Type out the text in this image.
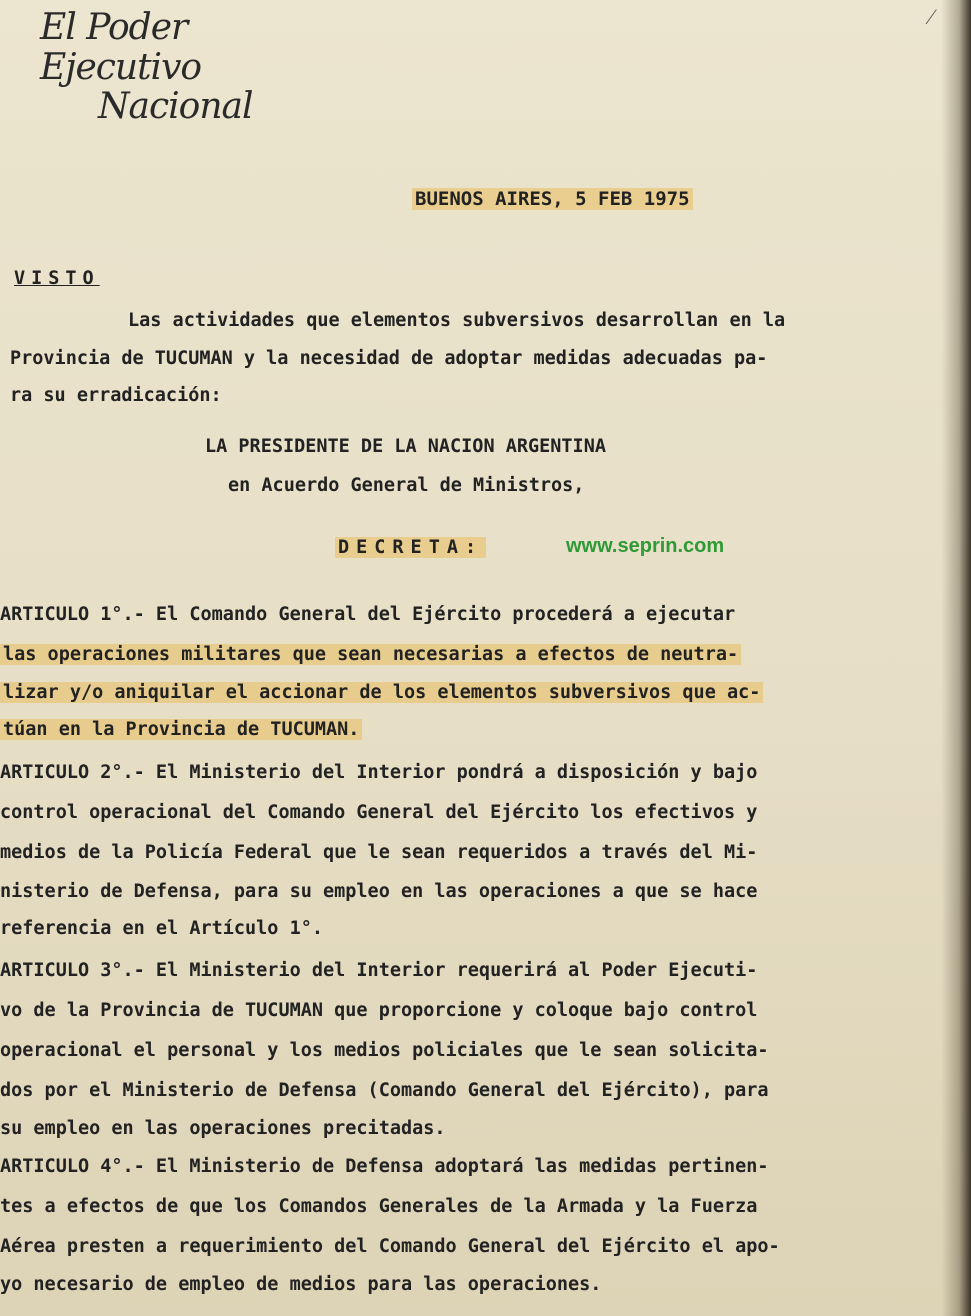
El Poder Ejecutivo
Nacional
⁄
BUENOS AIRES, 5 FEB 1975
VISTO
Las actividades que elementos subversivos desarrollan en la
Provincia de TUCUMAN y la necesidad de adoptar medidas adecuadas pa-
ra su erradicación:
LA PRESIDENTE DE LA NACION ARGENTINA
en Acuerdo General de Ministros,
DECRETA:	www.seprin.com
ARTICULO 1°.- El Comando General del Ejército procederá a ejecutar
las operaciones militares que sean necesarias a efectos de neutra-
lizar y/o aniquilar el accionar de los elementos subversivos que ac-
túan en la Provincia de TUCUMAN.
ARTICULO 2°.- El Ministerio del Interior pondrá a disposición y bajo
control operacional del Comando General del Ejército los efectivos y
medios de la Policía Federal que le sean requeridos a través del Mi-
nisterio de Defensa, para su empleo en las operaciones a que se hace
referencia en el Artículo 1°.
ARTICULO 3°.- El Ministerio del Interior requerirá al Poder Ejecuti-
vo de la Provincia de TUCUMAN que proporcione y coloque bajo control
operacional el personal y los medios policiales que le sean solicita-
dos por el Ministerio de Defensa (Comando General del Ejército), para
su empleo en las operaciones precitadas.
ARTICULO 4°.- El Ministerio de Defensa adoptará las medidas pertinen-
tes a efectos de que los Comandos Generales de la Armada y la Fuerza
Aérea presten a requerimiento del Comando General del Ejército el apo-
yo necesario de empleo de medios para las operaciones.
